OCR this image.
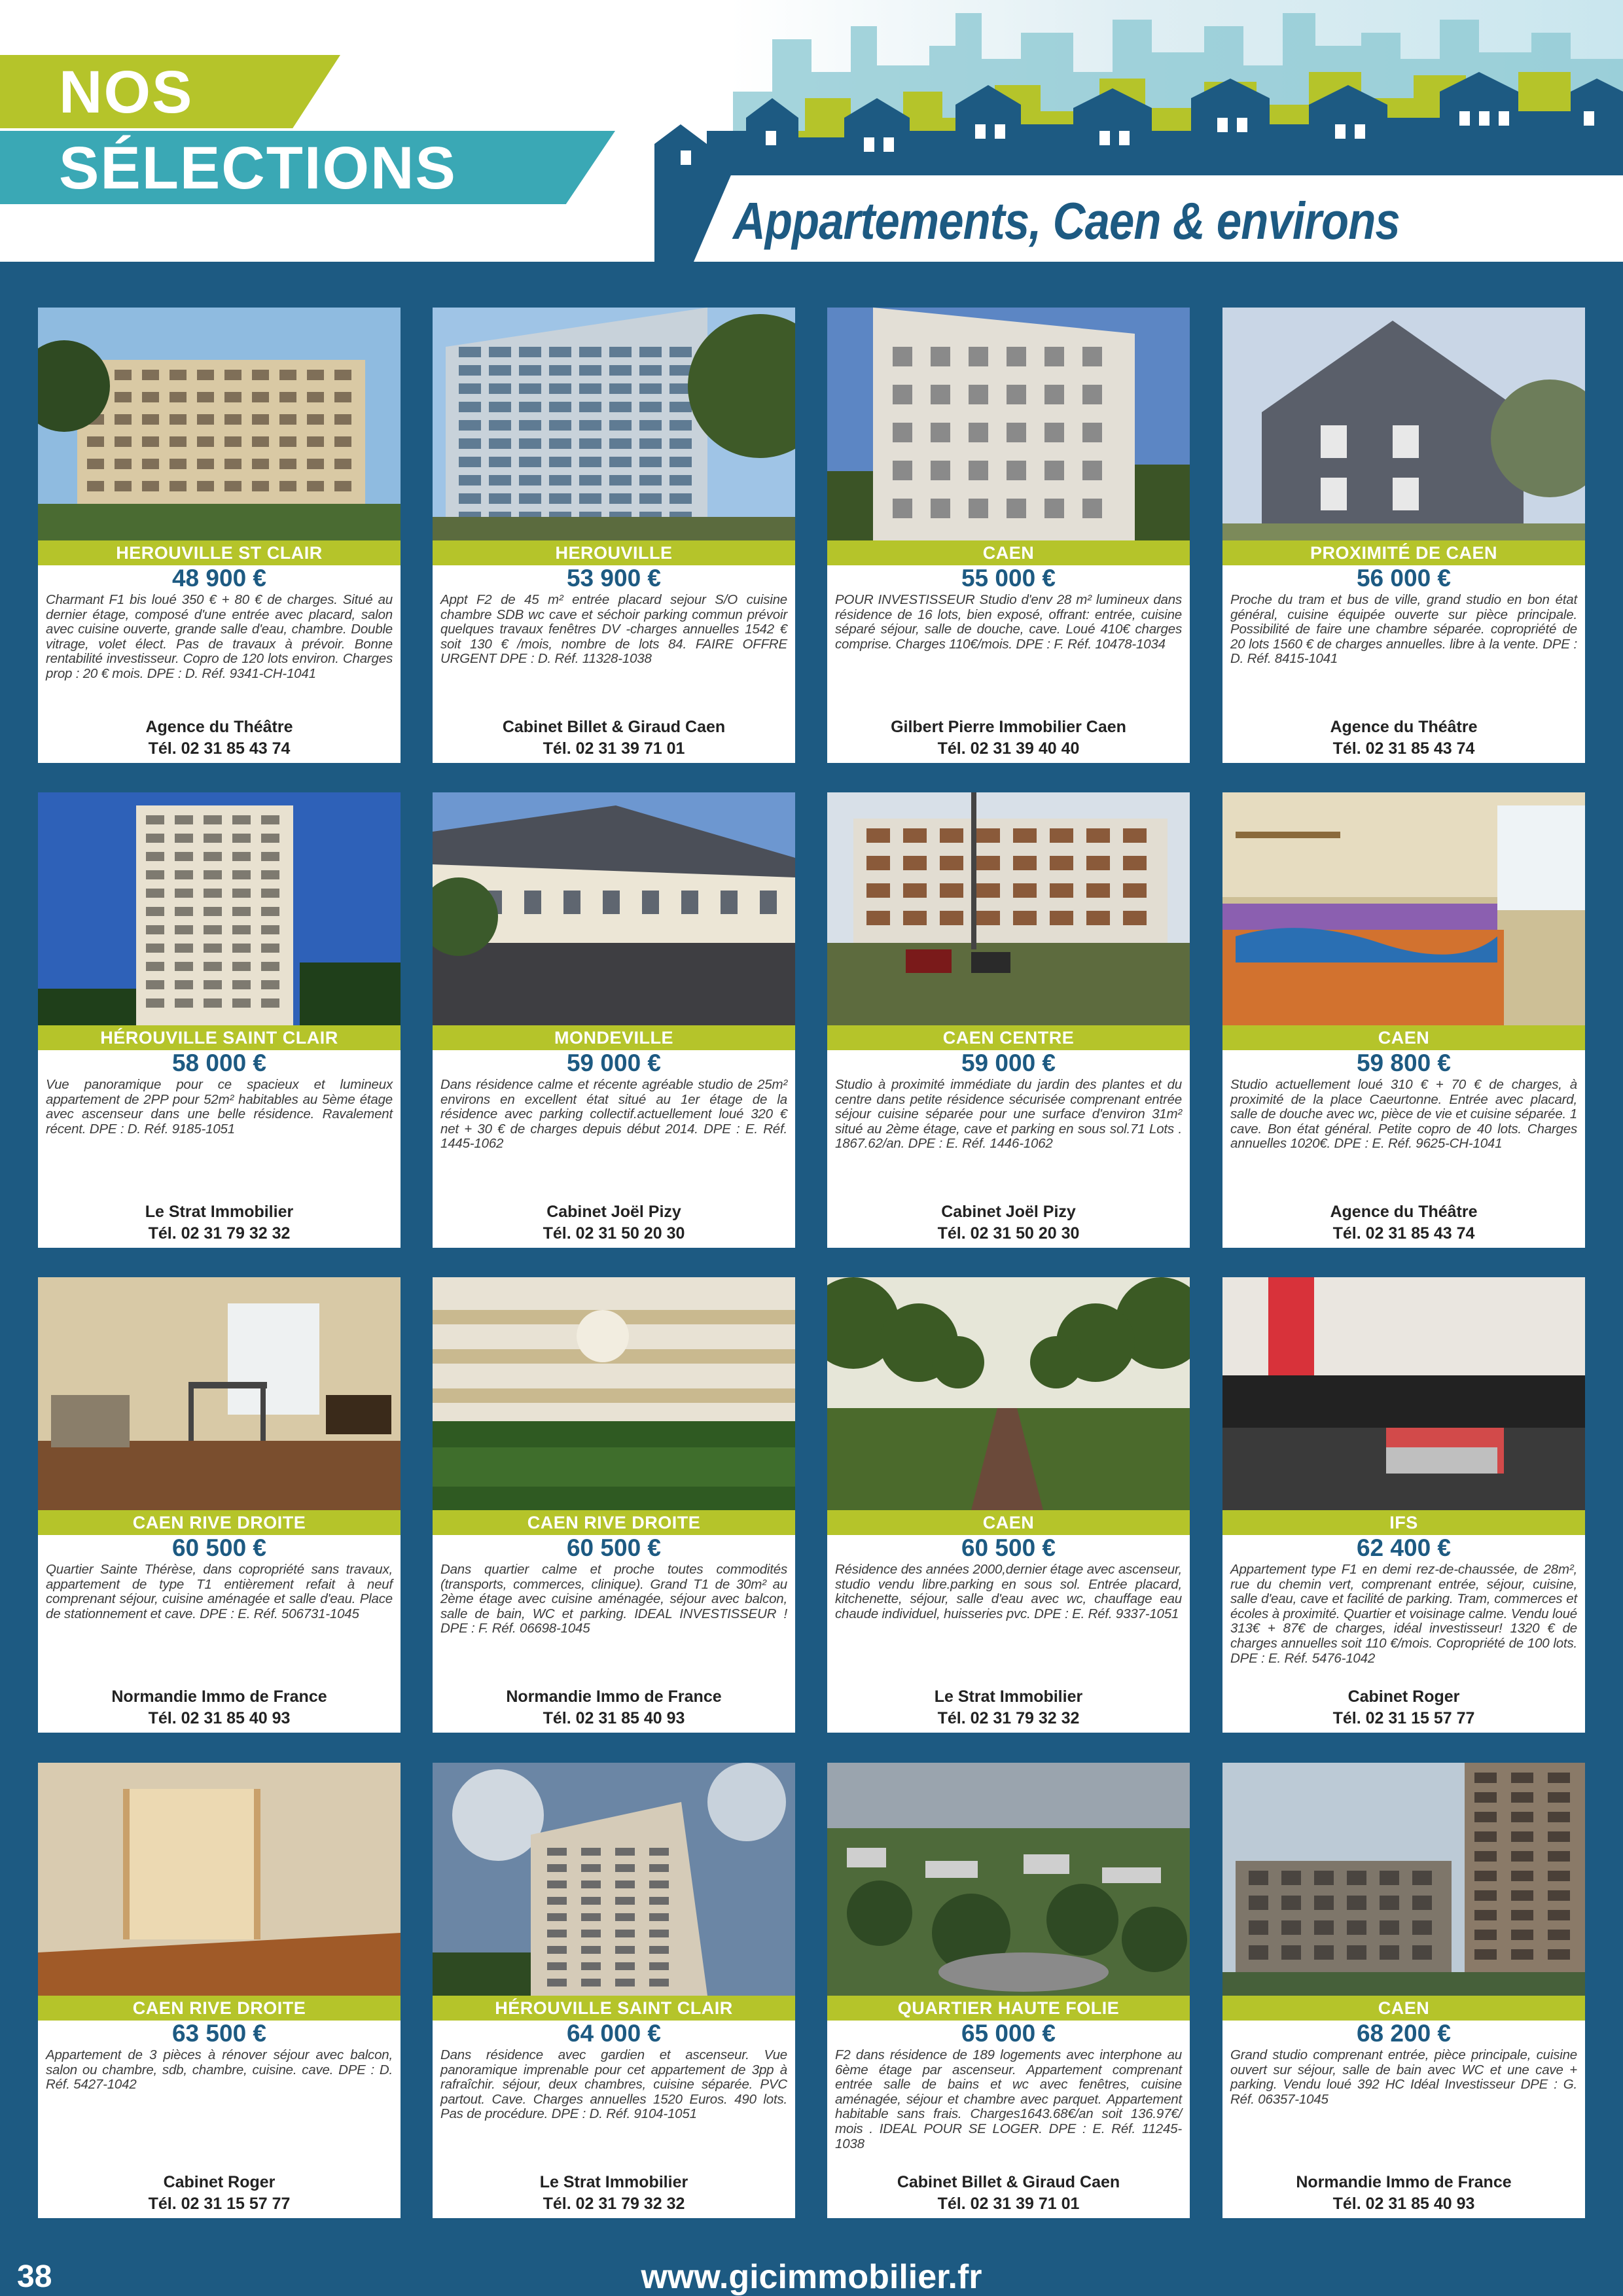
NOS
SÉLECTIONS
Appartements, Caen & environs
HEROUVILLE ST CLAIR
48 900 €
Charmant F1 bis loué 350 € + 80 € de charges. Situé au dernier étage, composé d'une entrée avec placard, salon avec cuisine ouverte, grande salle d'eau, chambre. Double vitrage, volet élect. Pas de travaux à prévoir. Bonne rentabilité investisseur. Copro de 120 lots environ. Charges prop : 20 € mois. DPE : D. Réf. 9341-CH-1041
Agence du Théâtre
Tél. 02 31 85 43 74
HEROUVILLE
53 900 €
Appt F2 de 45 m² entrée placard sejour S/O cuisine chambre SDB wc cave et séchoir parking commun prévoir quelques travaux fenêtres DV -charges annuelles 1542 € soit 130 € /mois, nombre de lots 84. FAIRE OFFRE URGENT DPE : D. Réf. 11328-1038
Cabinet Billet & Giraud Caen
Tél. 02 31 39 71 01
CAEN
55 000 €
POUR INVESTISSEUR Studio d'env 28 m² lumineux dans résidence de 16 lots, bien exposé, offrant: entrée, cuisine séparé séjour, salle de douche, cave. Loué 410€ charges comprise. Charges 110€/mois. DPE : F. Réf. 10478-1034
Gilbert Pierre Immobilier Caen
Tél. 02 31 39 40 40
PROXIMITÉ DE CAEN
56 000 €
Proche du tram et bus de ville, grand studio en bon état général, cuisine équipée ouverte sur pièce principale. Possibilité de faire une chambre séparée. copropriété de 20 lots 1560 € de charges annuelles. libre à la vente. DPE : D. Réf. 8415-1041
Agence du Théâtre
Tél. 02 31 85 43 74
HÉROUVILLE SAINT CLAIR
58 000 €
Vue panoramique pour ce spacieux et lumineux appartement de 2PP pour 52m² habitables au 5ème étage avec ascenseur dans une belle résidence. Ravalement récent. DPE : D. Réf. 9185-1051
Le Strat Immobilier
Tél. 02 31 79 32 32
MONDEVILLE
59 000 €
Dans résidence calme et récente agréable studio de 25m² environs en excellent état situé au 1er étage de la résidence avec parking collectif.actuellement loué 320 € net + 30 € de charges depuis début 2014. DPE : E. Réf. 1445-1062
Cabinet Joël Pizy
Tél. 02 31 50 20 30
CAEN CENTRE
59 000 €
Studio à proximité immédiate du jardin des plantes et du centre dans petite résidence sécurisée comprenant entrée séjour cuisine séparée pour une surface d'environ 31m² situé au 2ème étage, cave et parking en sous sol.71 Lots . 1867.62/an. DPE : E. Réf. 1446-1062
Cabinet Joël Pizy
Tél. 02 31 50 20 30
CAEN
59 800 €
Studio actuellement loué 310 € + 70 € de charges, à proximité de la place Caeurtonne. Entrée avec placard, salle de douche avec wc, pièce de vie et cuisine séparée. 1 cave. Bon état général. Petite copro de 40 lots. Charges annuelles 1020€. DPE : E. Réf. 9625-CH-1041
Agence du Théâtre
Tél. 02 31 85 43 74
CAEN RIVE DROITE
60 500 €
Quartier Sainte Thérèse, dans copropriété sans travaux, appartement de type T1 entièrement refait à neuf comprenant séjour, cuisine aménagée et salle d'eau. Place de stationnement et cave. DPE : E. Réf. 506731-1045
Normandie Immo de France
Tél. 02 31 85 40 93
CAEN RIVE DROITE
60 500 €
Dans quartier calme et proche toutes commodités (transports, commerces, clinique). Grand T1 de 30m² au 2ème étage avec cuisine aménagée, séjour avec balcon, salle de bain, WC et parking. IDEAL INVESTISSEUR ! DPE : F. Réf. 06698-1045
Normandie Immo de France
Tél. 02 31 85 40 93
CAEN
60 500 €
Résidence des années 2000,dernier étage avec ascenseur, studio vendu libre.parking en sous sol. Entrée placard, kitchenette, séjour, salle d'eau avec wc, chauffage eau chaude individuel, huisseries pvc. DPE : E. Réf. 9337-1051
Le Strat Immobilier
Tél. 02 31 79 32 32
IFS
62 400 €
Appartement type F1 en demi rez-de-chaussée, de 28m², rue du chemin vert, comprenant entrée, séjour, cuisine, salle d'eau, cave et facilité de parking. Tram, commerces et écoles à proximité. Quartier et voisinage calme. Vendu loué 313€ + 87€ de charges, idéal investisseur! 1320 € de charges annuelles soit 110 €/mois. Copropriété de 100 lots. DPE : E. Réf. 5476-1042
Cabinet Roger
Tél. 02 31 15 57 77
CAEN RIVE DROITE
63 500 €
Appartement de 3 pièces à rénover séjour avec balcon, salon ou chambre, sdb, chambre, cuisine. cave. DPE : D. Réf. 5427-1042
Cabinet Roger
Tél. 02 31 15 57 77
HÉROUVILLE SAINT CLAIR
64 000 €
Dans résidence avec gardien et ascenseur. Vue panoramique imprenable pour cet appartement de 3pp à rafraîchir. séjour, deux chambres, cuisine séparée. PVC partout. Cave. Charges annuelles 1520 Euros. 490 lots. Pas de procédure. DPE : D. Réf. 9104-1051
Le Strat Immobilier
Tél. 02 31 79 32 32
QUARTIER HAUTE FOLIE
65 000 €
F2 dans résidence de 189 logements avec interphone au 6ème étage par ascenseur. Appartement comprenant entrée salle de bains et wc avec fenêtres, cuisine aménagée, séjour et chambre avec parquet. Appartement habitable sans frais. Charges1643.68€/an soit 136.97€/ mois . IDEAL POUR SE LOGER. DPE : E. Réf. 11245-1038
Cabinet Billet & Giraud Caen
Tél. 02 31 39 71 01
CAEN
68 200 €
Grand studio comprenant entrée, pièce principale, cuisine ouvert sur séjour, salle de bain avec WC et une cave + parking. Vendu loué 392 HC Idéal Investisseur DPE : G. Réf. 06357-1045
Normandie Immo de France
Tél. 02 31 85 40 93
www.gicimmobilier.fr
38
